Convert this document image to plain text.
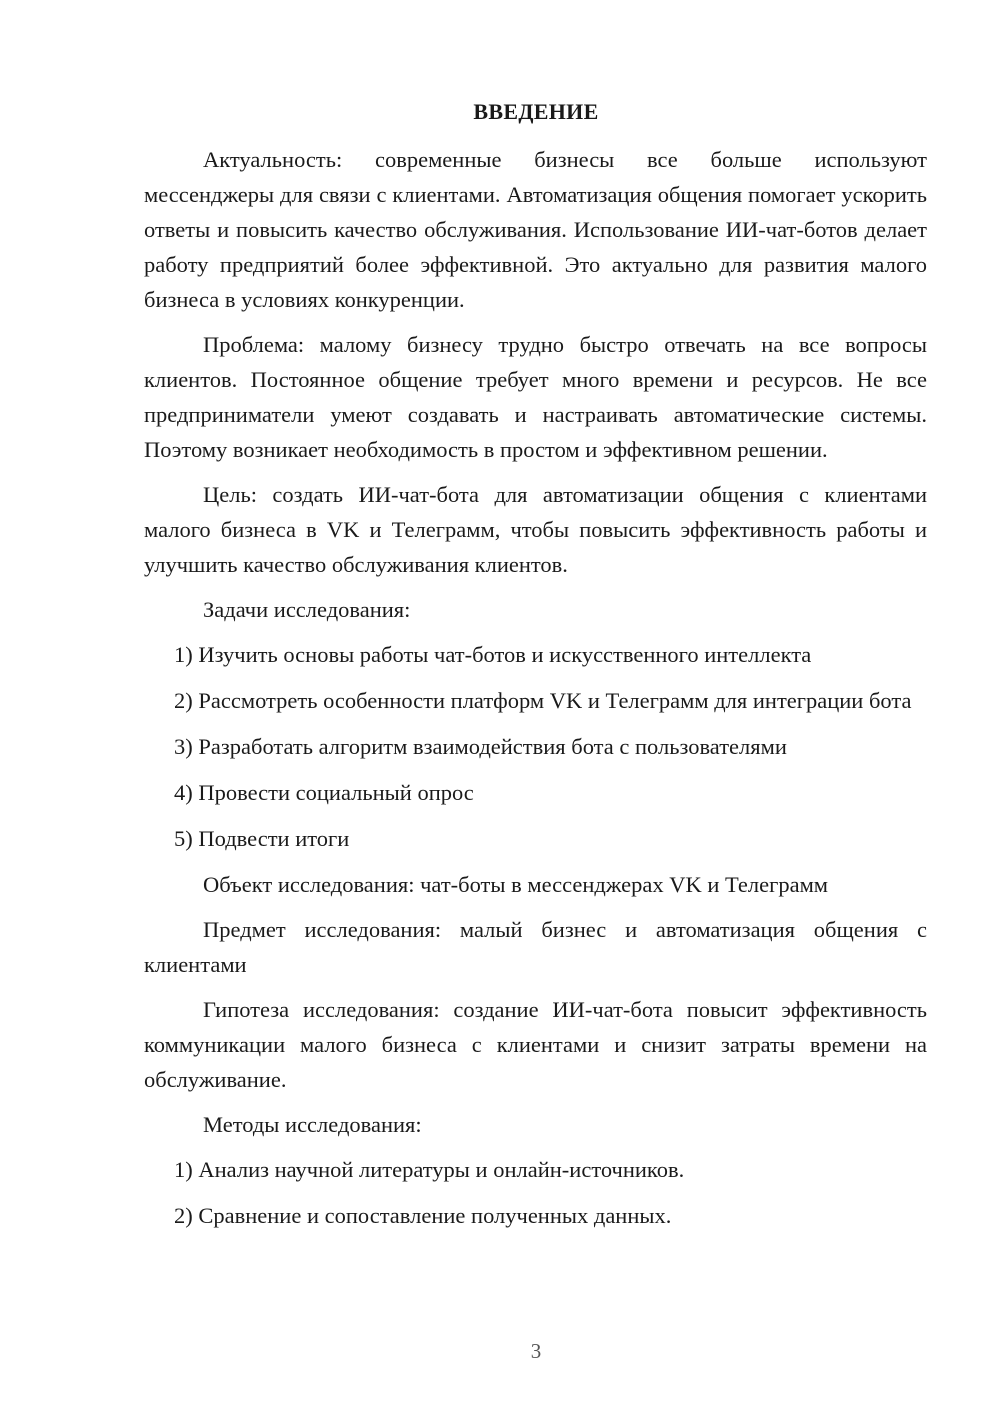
ВВЕДЕНИЕ

Актуальность: современные бизнесы все больше используют мессенджеры для связи с клиентами. Автоматизация общения помогает ускорить ответы и повысить качество обслуживания. Использование ИИ-чат-ботов делает работу предприятий более эффективной. Это актуально для развития малого бизнеса в условиях конкуренции.

Проблема: малому бизнесу трудно быстро отвечать на все вопросы клиентов. Постоянное общение требует много времени и ресурсов. Не все предприниматели умеют создавать и настраивать автоматические системы. Поэтому возникает необходимость в простом и эффективном решении.

Цель: создать ИИ-чат-бота для автоматизации общения с клиентами малого бизнеса в VK и Телеграмм, чтобы повысить эффективность работы и улучшить качество обслуживания клиентов.

Задачи исследования:

1) Изучить основы работы чат-ботов и искусственного интеллекта

2) Рассмотреть особенности платформ VK и Телеграмм для интеграции бота

3) Разработать алгоритм взаимодействия бота с пользователями

4) Провести социальный опрос

5) Подвести итоги

Объект исследования: чат-боты в мессенджерах VK и Телеграмм

Предмет исследования: малый бизнес и автоматизация общения с клиентами

Гипотеза исследования: создание ИИ-чат-бота повысит эффективность коммуникации малого бизнеса с клиентами и снизит затраты времени на обслуживание.

Методы исследования:

1) Анализ научной литературы и онлайн-источников.

2) Сравнение и сопоставление полученных данных.

3
